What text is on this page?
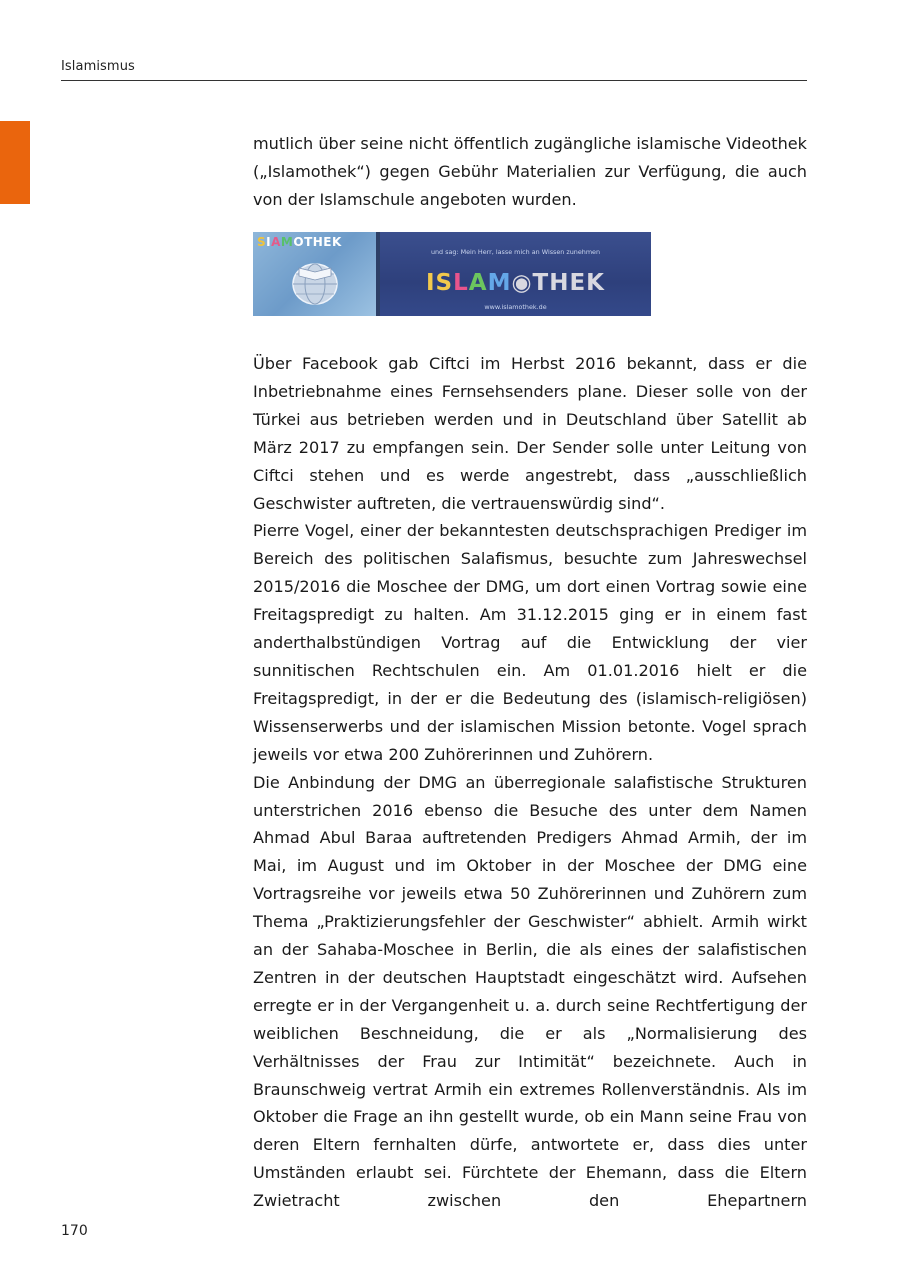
Islamismus

mutlich über seine nicht öffentlich zugängliche islamische Videothek („Islamothek“) gegen Gebühr Materialien zur Verfügung, die auch von der Islamschule angeboten wurden.

SIAMOTHEK
und sag: Mein Herr, lasse mich an Wissen zunehmen
ISLAM◉THEK
www.islamothek.de

Über Facebook gab Ciftci im Herbst 2016 bekannt, dass er die Inbetriebnahme eines Fernsehsenders plane. Dieser solle von der Türkei aus betrieben werden und in Deutschland über Satellit ab März 2017 zu empfangen sein. Der Sender solle unter Leitung von Ciftci stehen und es werde angestrebt, dass „ausschließlich Geschwister auftreten, die vertrauenswürdig sind“.

Pierre Vogel, einer der bekanntesten deutschsprachigen Prediger im Bereich des politischen Salafismus, besuchte zum Jahreswechsel 2015/2016 die Moschee der DMG, um dort einen Vortrag sowie eine Freitagspredigt zu halten. Am 31.12.2015 ging er in einem fast anderthalbstündigen Vortrag auf die Entwicklung der vier sunnitischen Rechtschulen ein. Am 01.01.2016 hielt er die Freitagspredigt, in der er die Bedeutung des (islamisch-religiösen) Wissenserwerbs und der islamischen Mission betonte. Vogel sprach jeweils vor etwa 200 Zuhörerinnen und Zuhörern.

Die Anbindung der DMG an überregionale salafistische Strukturen unterstrichen 2016 ebenso die Besuche des unter dem Namen Ahmad Abul Baraa auftretenden Predigers Ahmad Armih, der im Mai, im August und im Oktober in der Moschee der DMG eine Vortragsreihe vor jeweils etwa 50 Zuhörerinnen und Zuhörern zum Thema „Praktizierungsfehler der Geschwister“ abhielt. Armih wirkt an der Sahaba-Moschee in Berlin, die als eines der salafistischen Zentren in der deutschen Hauptstadt eingeschätzt wird. Aufsehen erregte er in der Vergangenheit u. a. durch seine Rechtfertigung der weiblichen Beschneidung, die er als „Normalisierung des Verhältnisses der Frau zur Intimität“ bezeichnete. Auch in Braunschweig vertrat Armih ein extremes Rollenverständnis. Als im Oktober die Frage an ihn gestellt wurde, ob ein Mann seine Frau von deren Eltern fernhalten dürfe, antwortete er, dass dies unter Umständen erlaubt sei. Fürchtete der Ehemann, dass die Eltern Zwietracht zwischen den Ehepartnern

170
